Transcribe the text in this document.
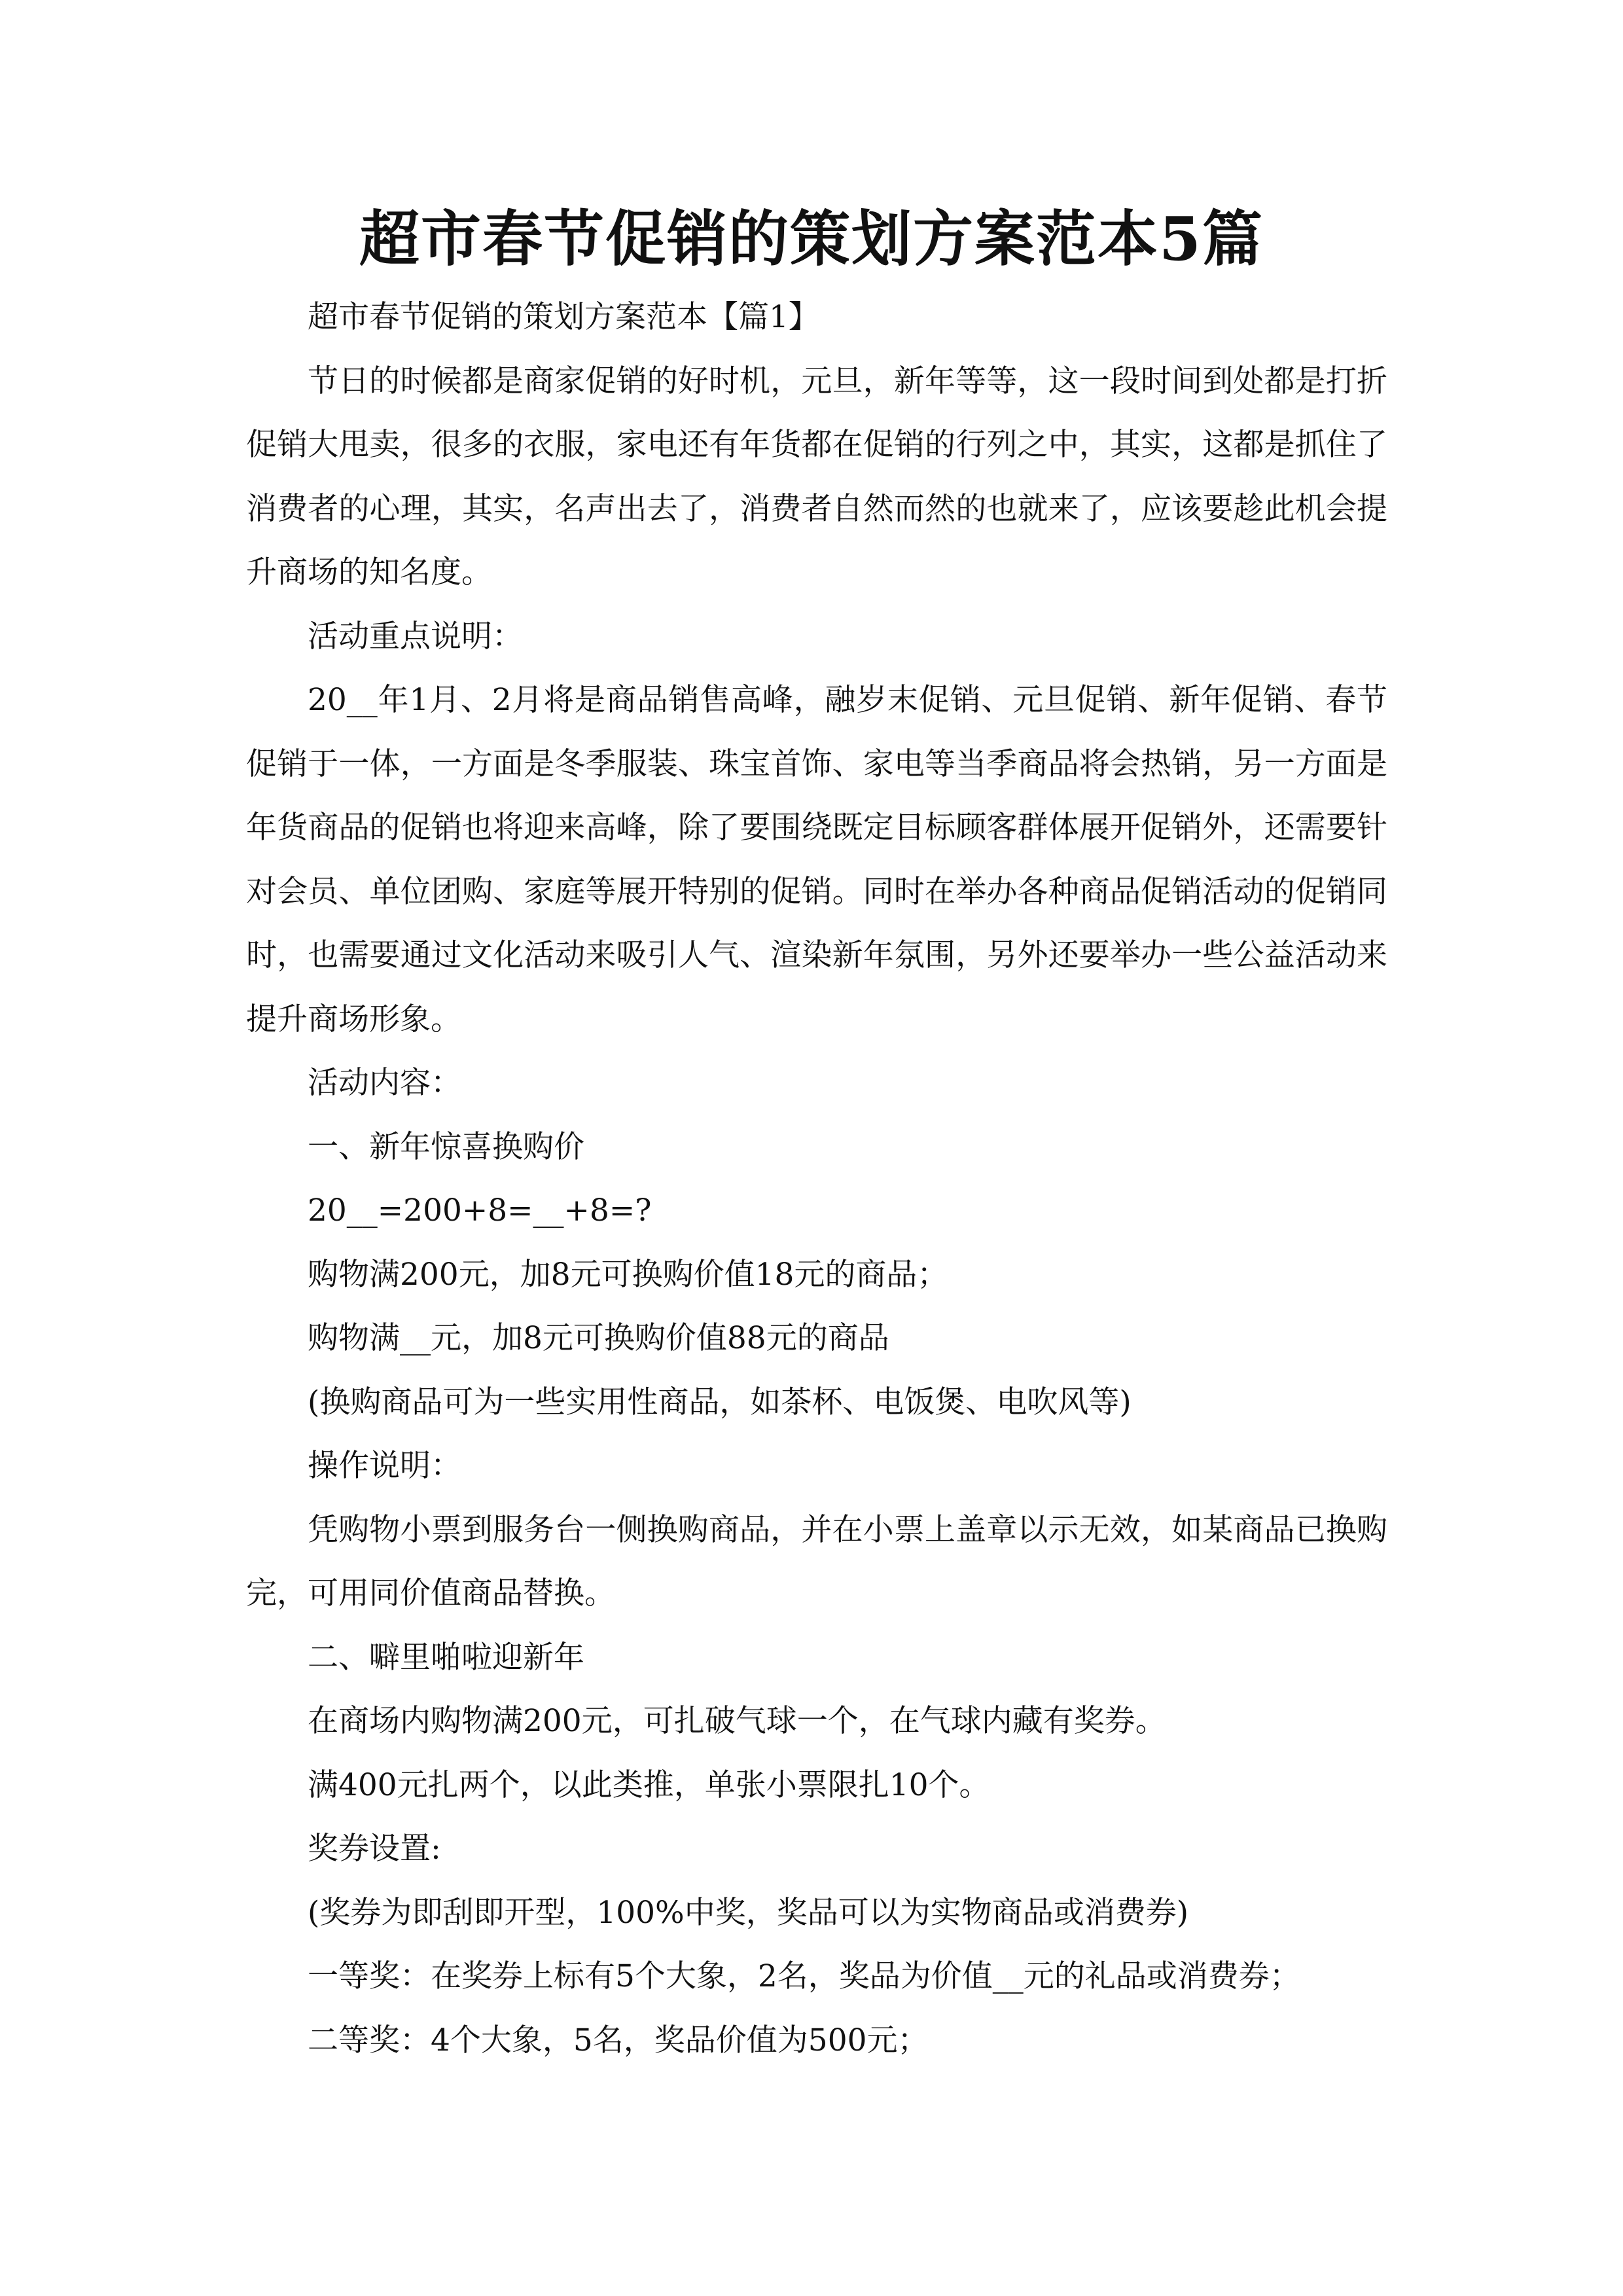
超市春节促销的策划方案范本5篇

超市春节促销的策划方案范本【篇1】

节日的时候都是商家促销的好时机，元旦，新年等等，这一段时间到处都是打折促销大甩卖，很多的衣服，家电还有年货都在促销的行列之中，其实，这都是抓住了消费者的心理，其实，名声出去了，消费者自然而然的也就来了，应该要趁此机会提升商场的知名度。

活动重点说明：

20__年1月、2月将是商品销售高峰，融岁末促销、元旦促销、新年促销、春节促销于一体，一方面是冬季服装、珠宝首饰、家电等当季商品将会热销，另一方面是年货商品的促销也将迎来高峰，除了要围绕既定目标顾客群体展开促销外，还需要针对会员、单位团购、家庭等展开特别的促销。同时在举办各种商品促销活动的促销同时，也需要通过文化活动来吸引人气、渲染新年氛围，另外还要举办一些公益活动来提升商场形象。

活动内容：

一、新年惊喜换购价

20__=200+8=__+8=?

购物满200元，加8元可换购价值18元的商品；

购物满__元，加8元可换购价值88元的商品

(换购商品可为一些实用性商品，如茶杯、电饭煲、电吹风等)

操作说明：

凭购物小票到服务台一侧换购商品，并在小票上盖章以示无效，如某商品已换购完，可用同价值商品替换。

二、噼里啪啦迎新年

在商场内购物满200元，可扎破气球一个，在气球内藏有奖券。

满400元扎两个，以此类推，单张小票限扎10个。

奖券设置:

(奖券为即刮即开型，100%中奖，奖品可以为实物商品或消费券)

一等奖：在奖券上标有5个大象，2名，奖品为价值__元的礼品或消费券；

二等奖：4个大象，5名，奖品价值为500元；
